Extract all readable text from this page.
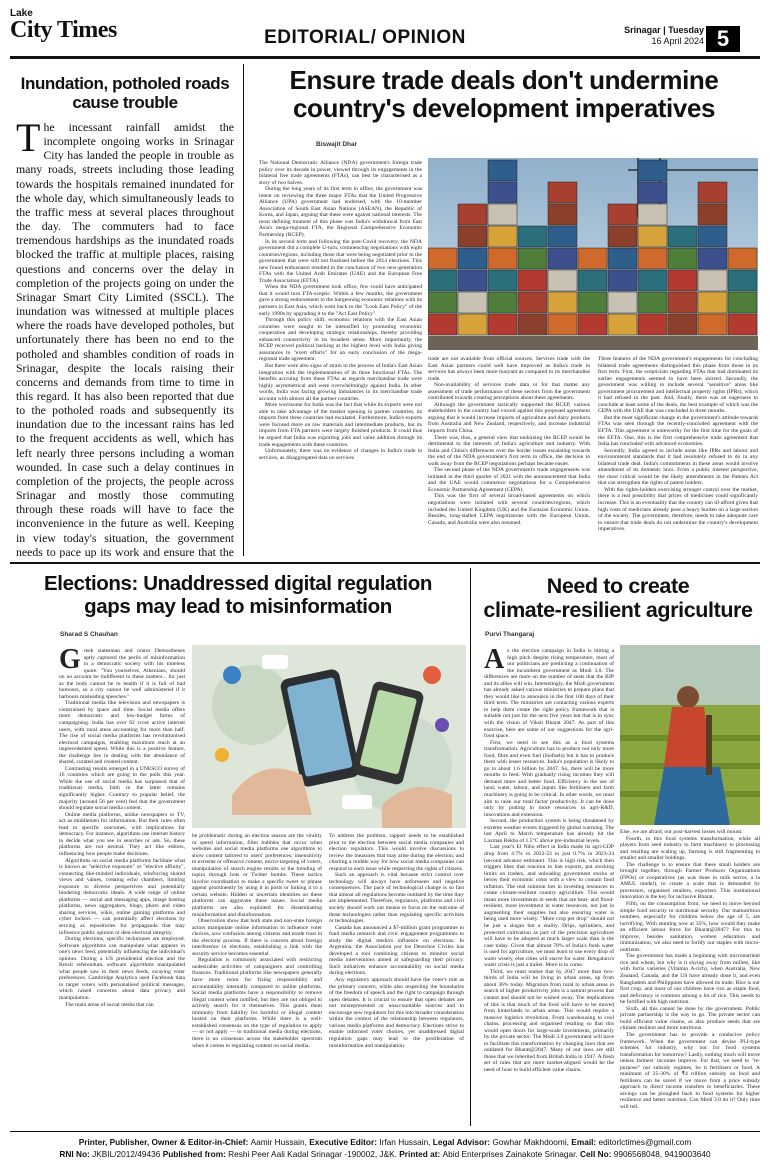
Lake
City Times	EDITORIAL/ OPINION	Srinagar | Tuesday
16 April 2024 5
Inundation, potholed roads cause trouble
The incessant rainfall amidst the incomplete ongoing works in Srinagar City has landed the people in trouble as many roads, streets including those leading towards the hospitals remained inundated for the whole day, which simultaneously leads to the traffic mess at several places throughout the day. The commuters had to face tremendous hardships as the inundated roads blocked the traffic at multiple places, raising questions and concerns over the delay in completion of the projects going on under the Srinagar Smart City Limited (SSCL). The inundation was witnessed at multiple places where the roads have developed potholes, but unfortunately there has been no end to the potholed and shambles condition of roads in Srinagar, despite the locals raising their concerns and demands from time to time in this regard. It has also been reported that due to the potholed roads and subsequently its inundation due to the incessant rains has led to the frequent accidents as well, which has left nearly three persons including a woman wounded. In case such a delay continues in completion of the projects, the people across Srinagar and mostly those commuting through these roads will have to face the inconvenience in the future as well. Keeping in view today's situation, the government needs to pace up its work and ensure that the
Ensure trade deals don't undermine
country's development imperatives
Biswajit Dhar

The National Democratic Alliance (NDA) government's foreign trade policy over its decade in power, viewed through its engagements in the bilateral free trade agreements (FTAs), can best be characterised as a story of two halves.

During the long years of its first term in office, the government was intent on reviewing the three major FTAs that the United Progressive Alliance (UPA) government had endorsed, with the 10-member Association of South East Asian Nations (ASEAN), the Republic of Korea, and Japan, arguing that these were against national interests. The most defining moment of this phase was India's withdrawal from East Asia's mega-regional FTA, the Regional Comprehensive Economic Partnership (RCEP).

In its second term and following the post-Covid recovery, the NDA government did a complete U-turn, commencing negotiations with eight countries/regions, including those that were being negotiated prior to the government that were still not finalised before the 2014 elections. This new found enthusiasm resulted in the conclusion of two new-generation FTAs with the United Arab Emirates (UAE) and the European Free Trade Association (EFTA).

When the NDA government took office, few could have anticipated that it would turn FTA-sceptic. Within a few months, the government gave a strong endorsement to the burgeoning economic relations with its partners in East Asia, which went back to the "Look East Policy" of the early 1990s by upgrading it to the "Act East Policy".

Through this policy shift, economic relations with the East Asian countries were sought to be intensified by promoting economic cooperation and developing strategic relationships, thereby providing enhanced connectivity in its broadest sense. More importantly, the RCEP received political backing at the highest level with India giving assurances to "exert efforts" for an early conclusion of the mega-regional trade agreement.

But there were also signs of strain in the process of India's East Asian integration with the implementation of its three functional FTAs. The benefits accruing from these FTAs as regards merchandise trade were highly asymmetrical and were overwhelmingly against India. In other words, India was facing growing imbalances in its merchandise trade account with almost all the partner countries.

More worrisome for India was the fact that while its exports were not able to take advantage of the market opening in partner countries, its imports from these countries had escalated. Furthermore, India's exports were focused more on raw materials and intermediate products, but its imports from FTA partners were largely finished products. It could thus be argued that India was exporting jobs and value addition through its trade engagements with these countries.

Unfortunately, there was no evidence of changes in India's trade in services, as disaggregated data on services

trade are not available from official sources. Services trade with the East Asian partners could well have improved as India's trade in services has always been more buoyant as compared to its merchandise trade.

Non-availability of services trade data or for that matter any assessment of trade performance of these sectors from the government contributed towards creating perceptions about these agreements.

Although the government tactically supported the RCEP, various stakeholders in the country had voiced against this proposed agreement arguing that it would increase imports of agriculture and dairy products from Australia and New Zealand, respectively, and increase industrial imports from China.

There was, thus, a general view that endorsing the RCEP would be detrimental to the interests of India's agriculture and industry. With India and China's differences over the border issues escalating towards the end of the NDA government's first term in office, the decision to walk away from the RCEP negotiations perhaps became easier.

The second phase of the NDA government's trade engagements was initiated in the third quarter of 2021 with the announcement that India and the UAE would commence negotiations for a Comprehensive Economic Partnership Agreement (CEPA).

This was the first of several broad-based agreements on which negotiations were initiated with several countries/regions, which included the United Kingdom (UK) and the Eurasian Economic Union. Besides, long-stalled CEPA negotiations with the European Union, Canada, and Australia were also resumed.

Three features of the NDA government's engagements for concluding bilateral trade agreements distinguished this phase from those in its first term. First, the scepticism regarding FTAs that had dominated its earlier engagements seemed to have been shirred. Secondly, the government was willing to include several "sensitive" areas like government procurement and intellectual property rights (IPRs), which it had refused in the past. And, finally, there was an eagerness to conclude at least some of the deals, the best example of which was the CEPA with the UAE that was concluded in three months.

But the most significant change in the government's attitude towards FTAs was seen through the recently-concluded agreement with the EFTA. This agreement is noteworthy for the first time for the goals of the EFTA. One, this is the first comprehensive trade agreement that India has concluded with advanced economies.

Secondly, India agreed to include areas like IPRs and labour and environmental standards that it had resolutely refused to do in any bilateral trade deal. India's commitments in these areas would involve amendment of its domestic laws. From a public interest perspective, the most critical would be the likely amendments in the Patents Act that can strengthen the rights of patent holders.

With the rights-holders exercising stronger control over the market, there is a real possibility that prices of medicines could significantly increase. This is an eventuality that the country can ill-afford given that high costs of medicines already pose a heavy burden on a large section of the society. The government, therefore, needs to take adequate care to ensure that trade deals do not undermine the country's development imperatives.

Elections: Unaddressed digital regulation
gaps may lead to misinformation
Sharad S Chauhan
G reek statesman and orator Demosthenes aptly captured the perils of misinformation in a democratic society with his timeless quote: "You yourselves, Athenians, should on no account be indifferent to these matters... for just as the body cannot be in health if it is full of bad humours, so a city cannot be well administered if it harbours misleading speeches."

Traditional media like television and newspapers is constrained by space and time. Social media offers more democratic and low-budget forms of campaigning. India has over 82 crore active internet users, with rural areas accounting for more than half. The rise of social media platforms has revolutionised electoral campaigns, enabling maximum reach at an unprecedented speed. While this is a positive feature, the challenge lies in dealing with the abundance of shared, curated and created content.

Contrasting results emerged in a UNESCO survey of 16 countries which are going to the polls this year. While the use of social media has surpassed that of traditional media, faith in the latter remains significantly higher. Contrary to popular belief, the majority (around 56 per cent) feel that the government should regulate social media content.

Online media platforms, unlike newspapers or TV, act as middlemen for information. But their rules often lead to specific outcomes, with implications for democracy. For instance, algorithms use internet history to decide what you see in searches or ads. So, these platforms are not neutral. They act like editors, influencing how people make decisions.

Algorithms on social media platforms facilitate what is known as "selective exposure" or "elective affinity", connecting like-minded individuals, reinforcing shared views and values, creating echo chambers, limiting exposure to diverse perspectives and potentially hindering democratic ideals. A wide range of online platforms — social and messaging apps, image hosting platforms, news aggregators, blogs, photo and video sharing services, wikis, online gaming platforms and cyber lockers — can potentially affect elections by serving as repositories for propaganda that may influence public opinion or dent electoral integrity.

During elections, specific techniques are employed. Software algorithms can manipulate what appears in one's news feed, potentially influencing the individual's opinion. During a US presidential election and the Brexit referendum, software algorithms manipulated what people saw in their news feeds, swaying voter preferences. Cambridge Analytica used Facebook data to target voters with personalised political messages, which raised concerns about data privacy and manipulation.

The main areas of social media that can

be problematic during an election season are the virality or speed information, filter bubbles that occur when websites and social media platforms use algorithms to show content tailored to users' preferences, insensitivity to extreme or offensive content, micro-targeting of voters, manipulation of search engine results or the trending of topics through bots or Twitter bombs. These tactics involve coordination to make a specific tweet or phrase appear prominently by using it in posts or linking it to a certain website. Hidden or uncertain identities on these platforms can aggravate these issues. Social media platforms are also exploited for disseminating misinformation and disinformation.

Observation show that both state and non-state foreign actors manipulate online information to influence voter choices, sow confusion among citizens and erode trust in the electoral process. If there is concern about foreign interference in elections, establishing a link with the security service becomes essential.

Regulation is commonly associated with restricting undesirable activities of campaigners and controlling finances. Traditional platforms like newspapers generally have more room for fixing responsibility and accountability internally compared to online platforms. Social media platforms have a responsibility to remove illegal content when notified, but they are not obliged to actively search for it themselves. This grants them immunity from liability for harmful or illegal content hosted on their platforms. While there is a well-established consensus on the type of regulation to apply — or not apply — to traditional media during elections, there is no consensus across the stakeholder spectrum when it comes to regulating content on social media.

To address the problem, rapport needs to be established prior to the election between social media companies and election regulators. This would involve discussions to review the measures that may arise during the election, and charting a middle way for how social media companies can respond to each issue while respecting the rights of citizens.

Such an approach is vital because strict control over technology will always have unforeseen and negative consequences. The pace of technological change is so fast that almost all regulations become outdated by the time they are implemented. Therefore, regulators, platforms and civil society should work out means to focus on the outcome of these technologies rather than regulating specific activities or technologies.

Canada has announced a $7-million grant programme to fund media research and civic engagement programmes to study the digital media's influence on elections. In Argentina, the Association por los Derechos Civiles has developed a tool combining citizens to monitor social media interventions aimed at safeguarding their privacy. Such initiatives enhance accountability on social media during elections.

Any regulatory approach should have the voter's role as the primary concern, while also respecting the boundaries of the freedom of speech and the right to campaign through open debates. It is crucial to ensure that open debates are not misrepresented or unaccountable sources and to encourage new regulators for this into broader consideration within the context of the relationship between regulators, various media platforms and democracy. Elections strive to enable informed voter choices, yet unaddressed digital regulation gaps may lead to the proliferation of misinformation and manipulation.

Need to create
climate-resilient agriculture
Purvi Thangaraj
A s the election campaign in India is hitting a high pitch despite rising temperature, most of our politicians are predicting a continuation of the incumbent government as Modi 3.0. The differences are more on the number of seats that the BJP and its allies will win. Interestingly, the Modi government has already asked various ministries to prepare plans that they would like to announce in the first 100 days of their third term. The ministries are contacting various experts to help them create the right policy framework that is suitable not just for the next five years but that is in sync with the vision of Viksit Bharat 2047. As part of this exercise, here are some of our suggestions for the agri-food space.

First, we need to see this as a food systems transformation. Agriculture has to produce not only more food, fibre and even fuel (biofuels) but it has to produce them with lesser resources. India's population is likely to go to about 1.6 billion by 2047. So, there will be more mouths to feed. With gradually rising incomes they will demand more and better food. Efficiency in the use of land, water, labour, and inputs like fertilisers and farm machinery is going to be critical. In other words, we must aim to raise our total factor productivity. It can be done only by putting in more resources in agri-R&D, innovations and extension.

Second, the production system is being threatened by extreme weather events triggered by global warming. The last April to March temperature has already hit the Laxman Rekha of 1.5°C above pre-industrial levels.

Last year's El Niño effect in India made its agri-GDP drop from 4.7% in 2022-23 to just 0.7% in 2023-24 (second advance estimate). This is high risk, which then triggers likes that reaction to ban exports, put stocking limits on traders, and unloading government stocks at below their economic costs with a view to contain food inflation. The real solution lies in investing resources to create climate-resilient country agriculture. This would mean more investments in seeds that are heat- and flood-resilient, more investment in water resources, not just in augmenting their supplies but also ensuring water is being used more wisely. "More crop per drop" should not be just a slogan but a reality. Drips, sprinklers, and protected cultivation as part of the precision agriculture will have to be adopted at much larger scale than is the case today. Given that almost 78% of India's fresh water is used for agriculture, we must learn to use every drop of water wisely, else cities will starve for water. Bengaluru's water crisis is just a trailer. More is to come.

Third, we must realise that by 2047 more than two-thirds of India will be living in urban areas, up from about 36% today. Migration from rural to urban areas in search of higher productivity jobs is a natural process that cannot and should not be wished away. The implications of this is that much of the food will have to be moved from hinterlands to urban areas. This would require a massive logistics revolution. From warehousing to cool chains, processing and organised retailing so that this would open doors for large-scale investments, primarily by the private sector. The Modi 3.0 government will have to facilitate this transformation by changing laws that are outdated for Bharat@2047. Many of our laws are still those that we inherited from British India in 1947. A fresh set of rules that are more market-aligned would be the need of hour to build efficient value chains.

Else, we are afraid, our post-harvest losses will mount.

Fourth, in this food systems transformation, while all players from seed industry to farm machinery to processing and retailing are scaling up, farming is still fragmenting to smaller and smaller holdings.

The challenge is to ensure that these small holders are brought together, through Farmer Producer Organisations (FPOs) or cooperatives (as was done in milk sector, a la AMUL model), to create a scale that is demanded by processors, organised retailers, exporters. This institutional innovation is the key for inclusive Bharat.

Fifth, on the consumption front, we need to move beyond simple food security to nutritional security. Our malnutrition numbers, especially for children below the age of 5, are horrifying. With stunting now at 35%, how would they make an efficient labour force for Bharat@2047? For this to improve, besides sanitation, women education and immunisation, we also need to fortify our staples with micro-nutrients.

The government has made a beginning with micronutrient rice and wheat, but why is it shying away from millets, like with fortis varieties (Vitamin A-rich), when Australia, New Zealand, Canada, and the US have already done it, and even Bangladesh and Philippines have allowed its trade. Rice is our first crop, and most of our children have rice as staple food, and deficiency is common among a lot of rice. This needs to be fortified with high nutrition.

Sixth, all this cannot be done by the government. Public private partnership is the way to go. The private sector can build efficient value chains, as also produce seeds that are climate resilient and more nutritious.

The government has to provide a conducive policy framework. When the government can devise PLI-type schemes for industry, why not for food systems transformation for tomorrow? Lastly, nothing much will move unless farmers' incomes improve. For that, we need to "re-purpose" our subsidy regimes, be it fertilisers or food. A minimum of 25-30% of ₹4 trillion subsidy on food and fertilisers can be saved if we move from a price subsidy approach to direct income transfers to beneficiaries. These savings can be ploughed back to food systems for higher resilience and better nutrition. Can Modi 3.0 do it? Only time will tell.

Printer, Publisher, Owner & Editor-in-Chief: Aamir Hussain, Executive Editor: Irfan Hussain, Legal Advisor: Gowhar Makhdoomi, Email: editorlctimes@gmail.com
RNI No: JKBIL/2012/49436 Published from: Reshi Peer Aali Kadal Srinagar -190002, J&K. Printed at: Abid Enterprises Zainakote Srinagar. Cell No: 9906568048, 9419003640
